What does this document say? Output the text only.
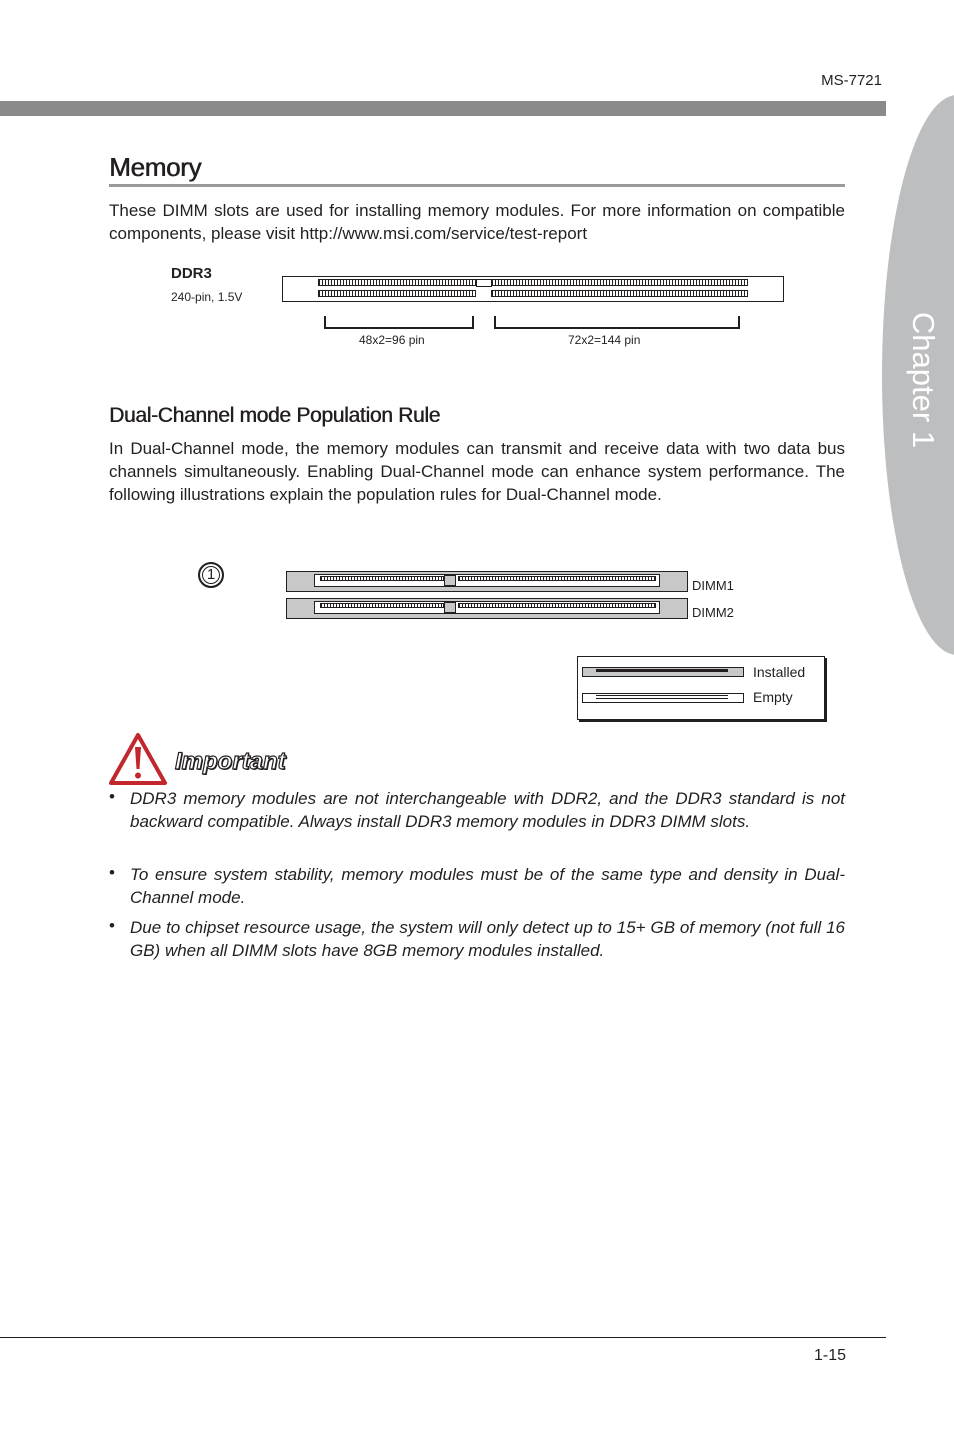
MS-7721
Chapter 1
Memory

These DIMM slots are used for installing memory modules. For more information on compatible components, please visit http://www.msi.com/service/test-report

DDR3
240-pin, 1.5V
48x2=96 pin	72x2=144 pin
Dual-Channel mode Population Rule

In Dual-Channel mode, the memory modules can transmit and receive data with two data bus channels simultaneously. Enabling Dual-Channel mode can enhance system performance. The following illustrations explain the population rules for Dual-Channel mode.

1
DIMM1
DIMM2
Installed
Empty
Important
• DDR3 memory modules are not interchangeable with DDR2, and the DDR3 standard is not backward compatible. Always install DDR3 memory modules in DDR3 DIMM slots.

• To ensure system stability, memory modules must be of the same type and density in Dual-Channel mode.

• Due to chipset resource usage, the system will only detect up to 15+ GB of memory (not full 16 GB) when all DIMM slots have 8GB memory modules installed.

1-15
